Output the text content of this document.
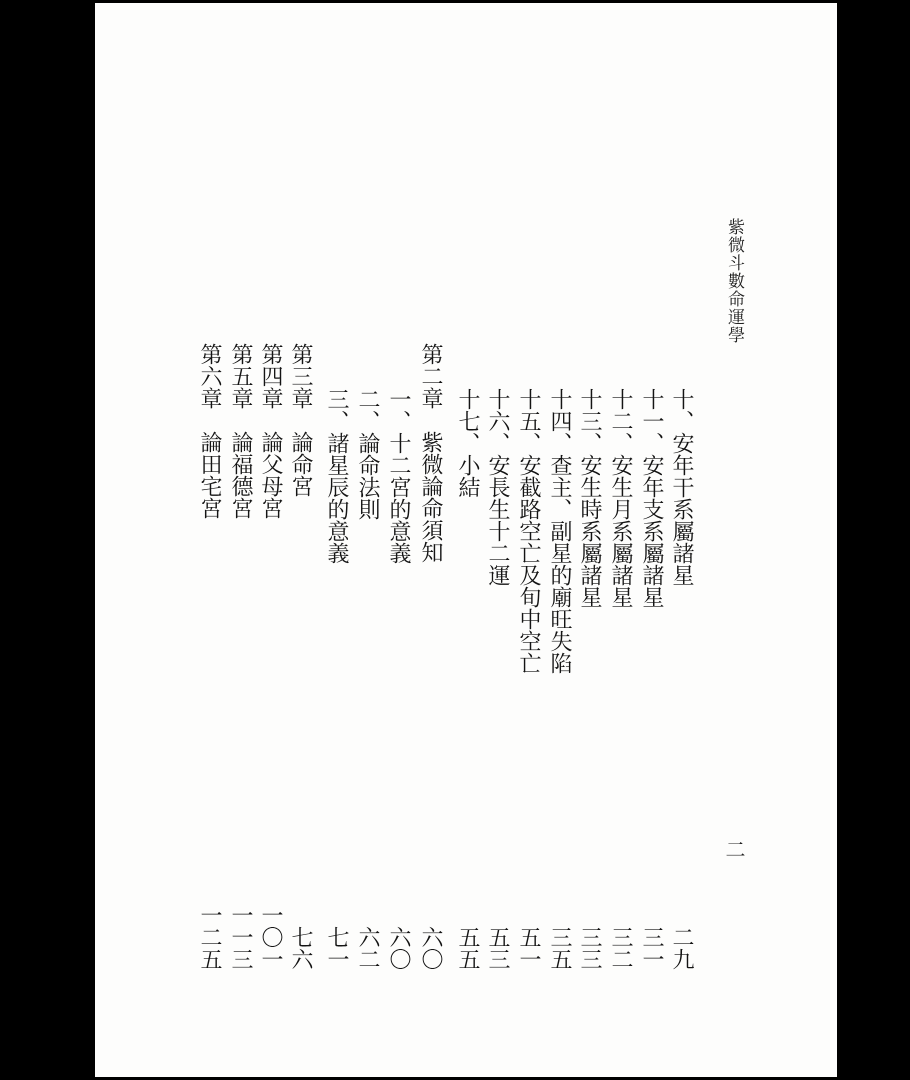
紫微斗數命運學
二
十、安年干系屬諸星
二九
十一、安年支系屬諸星
三一
十二、安生月系屬諸星
三二
十三、安生時系屬諸星
三三
十四、查主、副星的廟旺失陷
三五
十五、安截路空亡及旬中空亡
五一
十六、安長生十二運
五三
十七、小結
五五
第二章　紫微論命須知
六〇
一、十二宮的意義
六〇
二、論命法則
六二
三、諸星辰的意義
七一
第三章　論命宮
七六
第四章　論父母宮
一〇一
第五章　論福德宮
一一三
第六章　論田宅宮
一二五
